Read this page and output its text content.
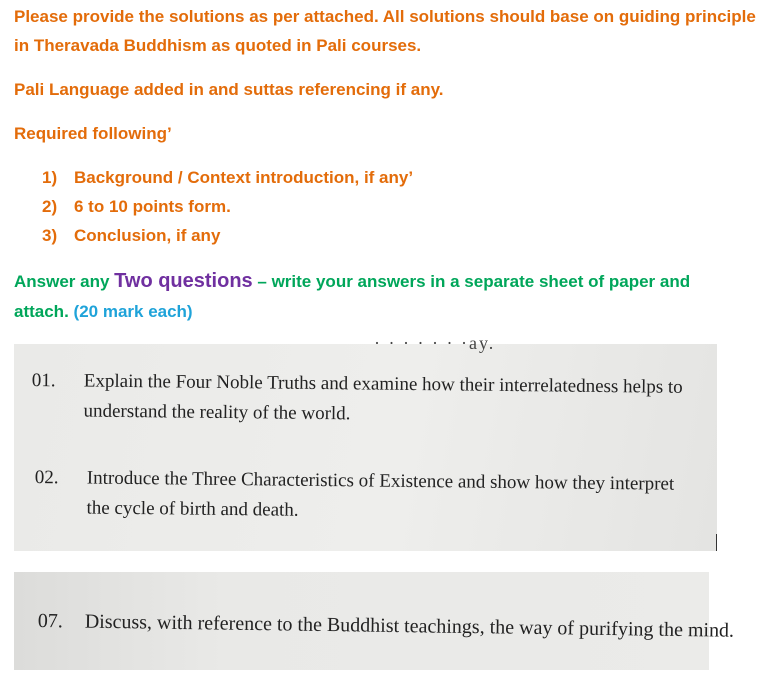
Please provide the solutions as per attached. All solutions should base on guiding principle in Theravada Buddhism as quoted in Pali courses.

Pali Language added in and suttas referencing if any.

Required following’

1) Background / Context introduction, if any’
2) 6 to 10 points form.
3) Conclusion, if any

Answer any Two questions – write your answers in a separate sheet of paper and attach. (20 mark each)

· · · · · · ·ay.
01. Explain the Four Noble Truths and examine how their interrelatedness helps to understand the reality of the world.
02. Introduce the Three Characteristics of Existence and show how they interpret the cycle of birth and death.
07. Discuss, with reference to the Buddhist teachings, the way of purifying the mind.
